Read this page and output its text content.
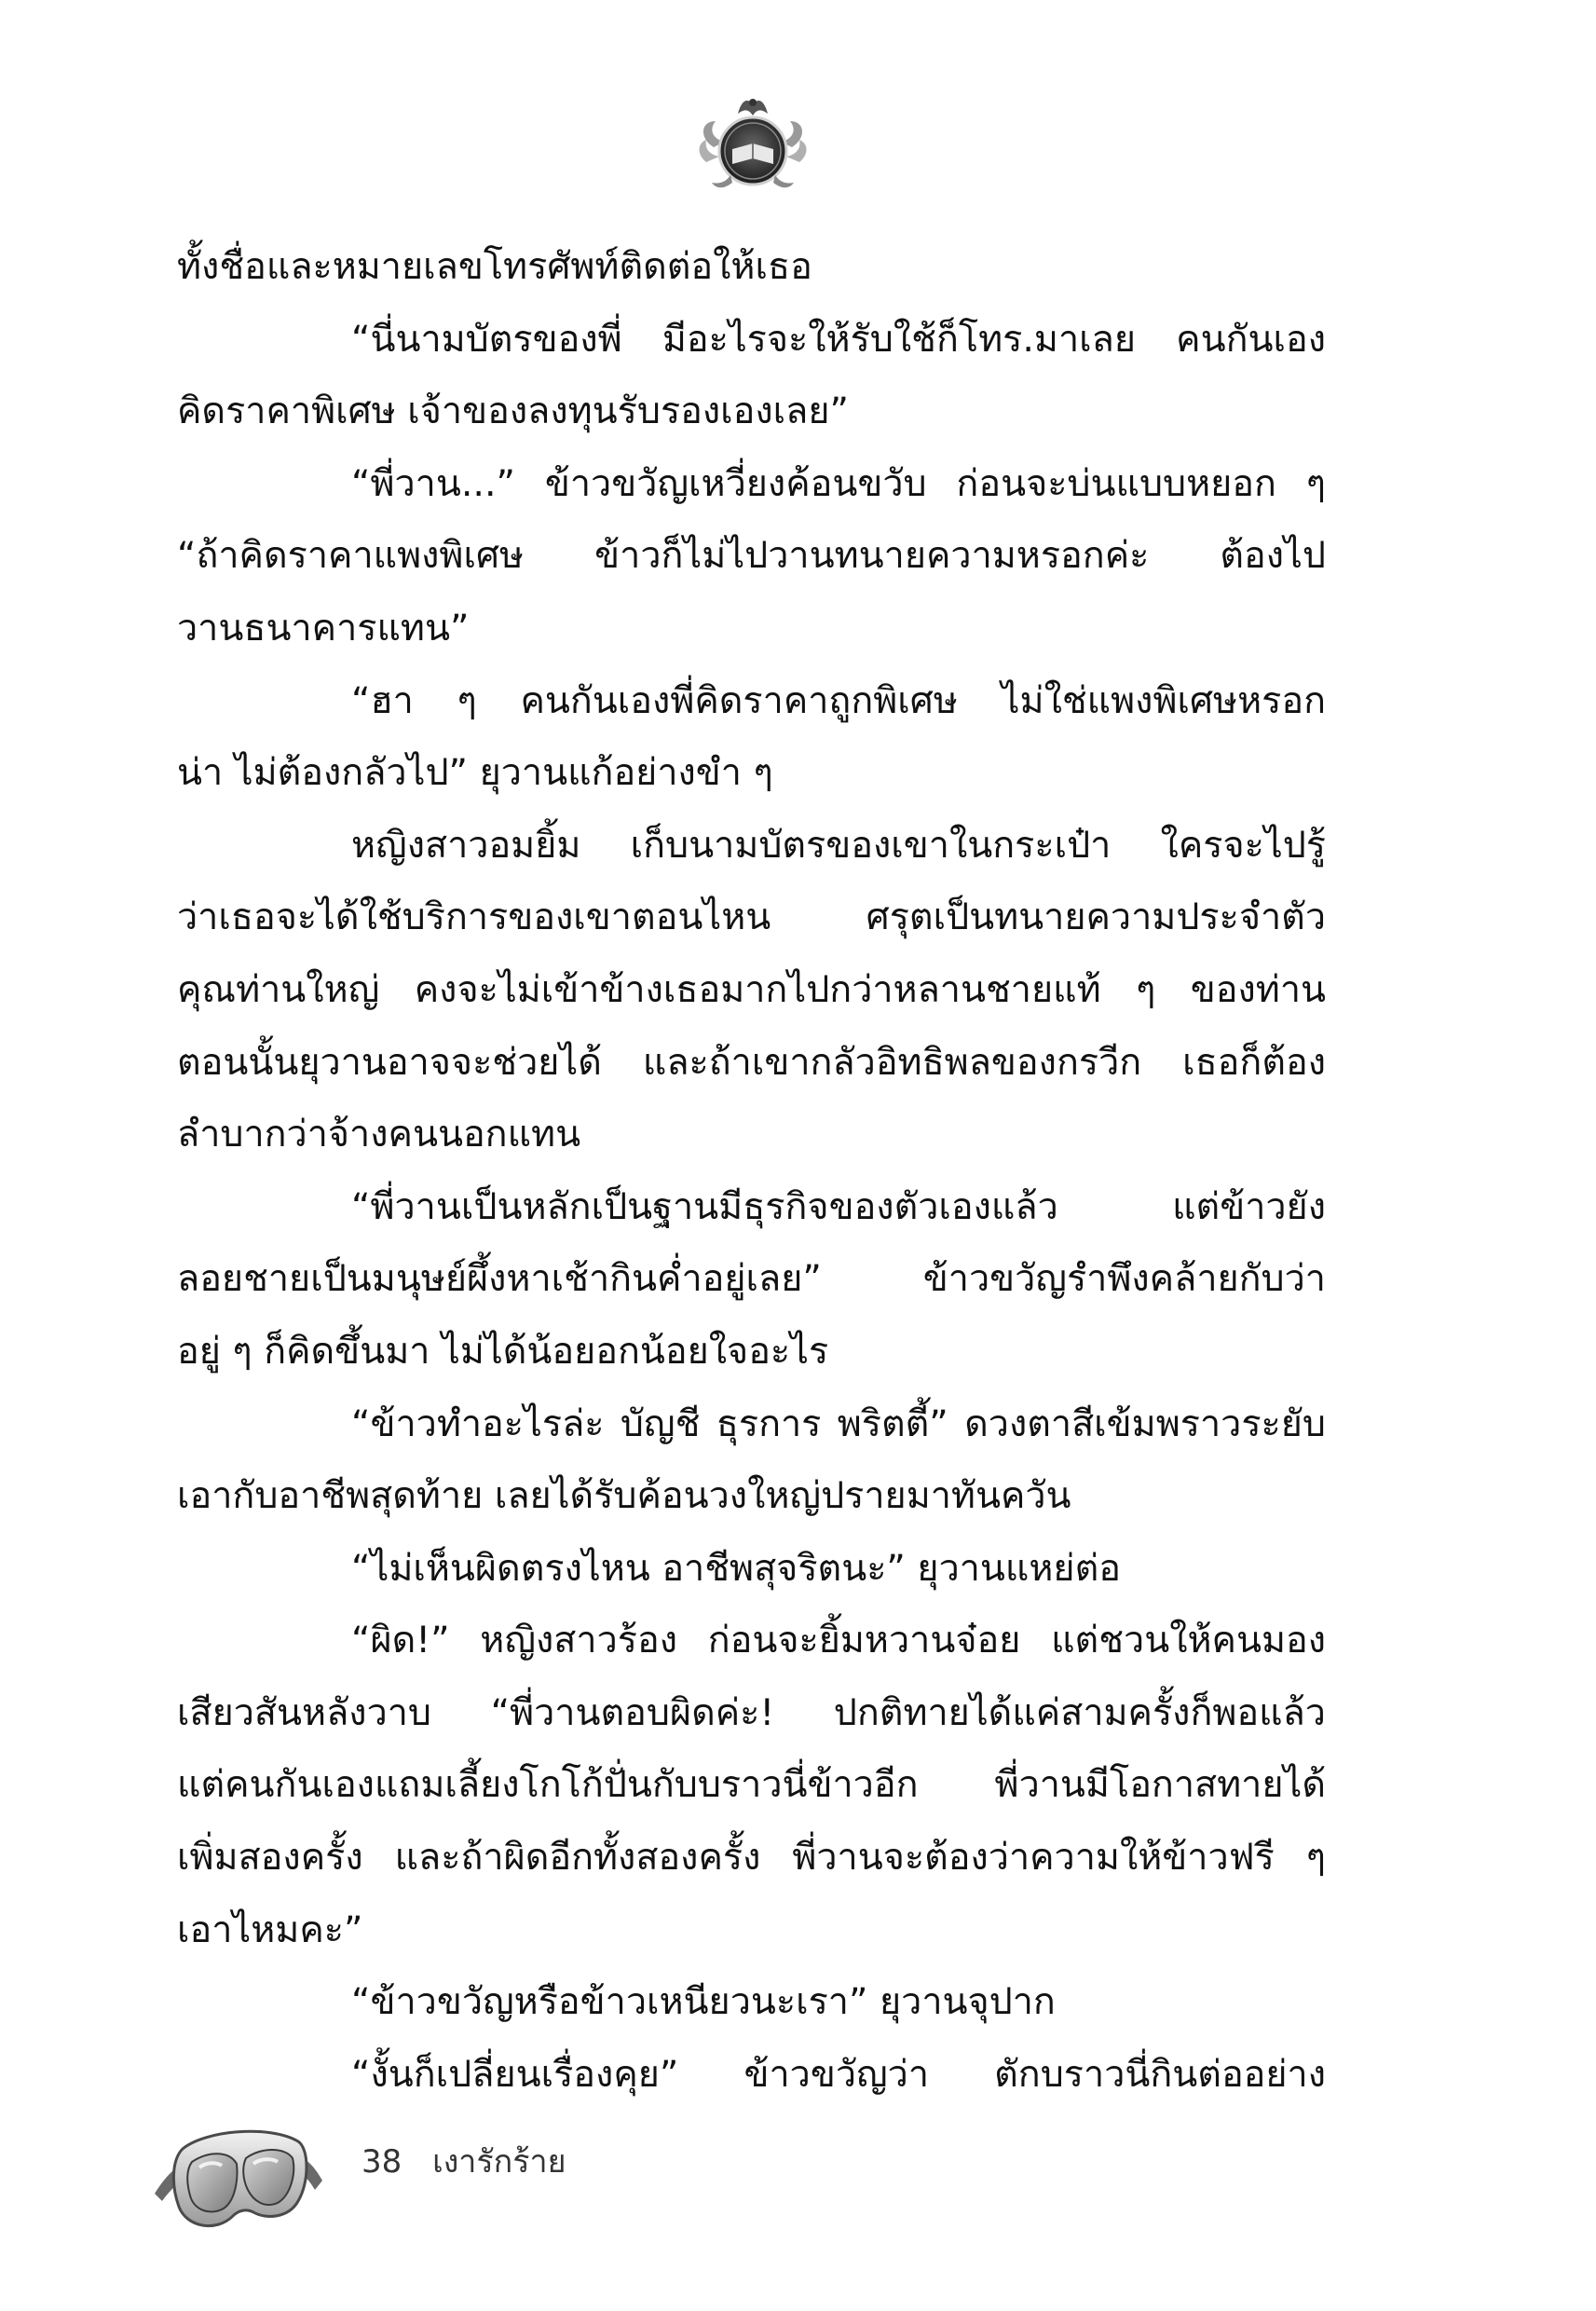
ทั้งชื่อและหมายเลขโทรศัพท์ติดต่อให้เธอ
“นี่นามบัตรของพี่ มีอะไรจะให้รับใช้ก็โทร.มาเลย คนกันเอง
คิดราคาพิเศษ เจ้าของลงทุนรับรองเองเลย”
“พี่วาน...” ข้าวขวัญเหวี่ยงค้อนขวับ ก่อนจะบ่นแบบหยอก ๆ
“ถ้าคิดราคาแพงพิเศษ ข้าวก็ไม่ไปวานทนายความหรอกค่ะ ต้องไป
วานธนาคารแทน”
“ฮา ๆ คนกันเองพี่คิดราคาถูกพิเศษ ไม่ใช่แพงพิเศษหรอก
น่า ไม่ต้องกลัวไป” ยุวานแก้อย่างขำ ๆ
หญิงสาวอมยิ้ม เก็บนามบัตรของเขาในกระเป๋า ใครจะไปรู้
ว่าเธอจะได้ใช้บริการของเขาตอนไหน ศรุตเป็นทนายความประจำตัว
คุณท่านใหญ่ คงจะไม่เข้าข้างเธอมากไปกว่าหลานชายแท้ ๆ ของท่าน
ตอนนั้นยุวานอาจจะช่วยได้ และถ้าเขากลัวอิทธิพลของกรวีก เธอก็ต้อง
ลำบากว่าจ้างคนนอกแทน
“พี่วานเป็นหลักเป็นฐานมีธุรกิจของตัวเองแล้ว แต่ข้าวยัง
ลอยชายเป็นมนุษย์ผึ้งหาเช้ากินค่ำอยู่เลย” ข้าวขวัญรำพึงคล้ายกับว่า
อยู่ ๆ ก็คิดขึ้นมา ไม่ได้น้อยอกน้อยใจอะไร
“ข้าวทำอะไรล่ะ บัญชี ธุรการ พริตตี้” ดวงตาสีเข้มพราวระยับ
เอากับอาชีพสุดท้าย เลยได้รับค้อนวงใหญ่ปรายมาทันควัน
“ไม่เห็นผิดตรงไหน อาชีพสุจริตนะ” ยุวานแหย่ต่อ
“ผิด!” หญิงสาวร้อง ก่อนจะยิ้มหวานจ๋อย แต่ชวนให้คนมอง
เสียวสันหลังวาบ “พี่วานตอบผิดค่ะ! ปกติทายได้แค่สามครั้งก็พอแล้ว
แต่คนกันเองแถมเลี้ยงโกโก้ปั่นกับบราวนี่ข้าวอีก พี่วานมีโอกาสทายได้
เพิ่มสองครั้ง และถ้าผิดอีกทั้งสองครั้ง พี่วานจะต้องว่าความให้ข้าวฟรี ๆ
เอาไหมคะ”
“ข้าวขวัญหรือข้าวเหนียวนะเรา” ยุวานจุปาก
“งั้นก็เปลี่ยนเรื่องคุย” ข้าวขวัญว่า ตักบราวนี่กินต่ออย่าง
38 เงารักร้าย
